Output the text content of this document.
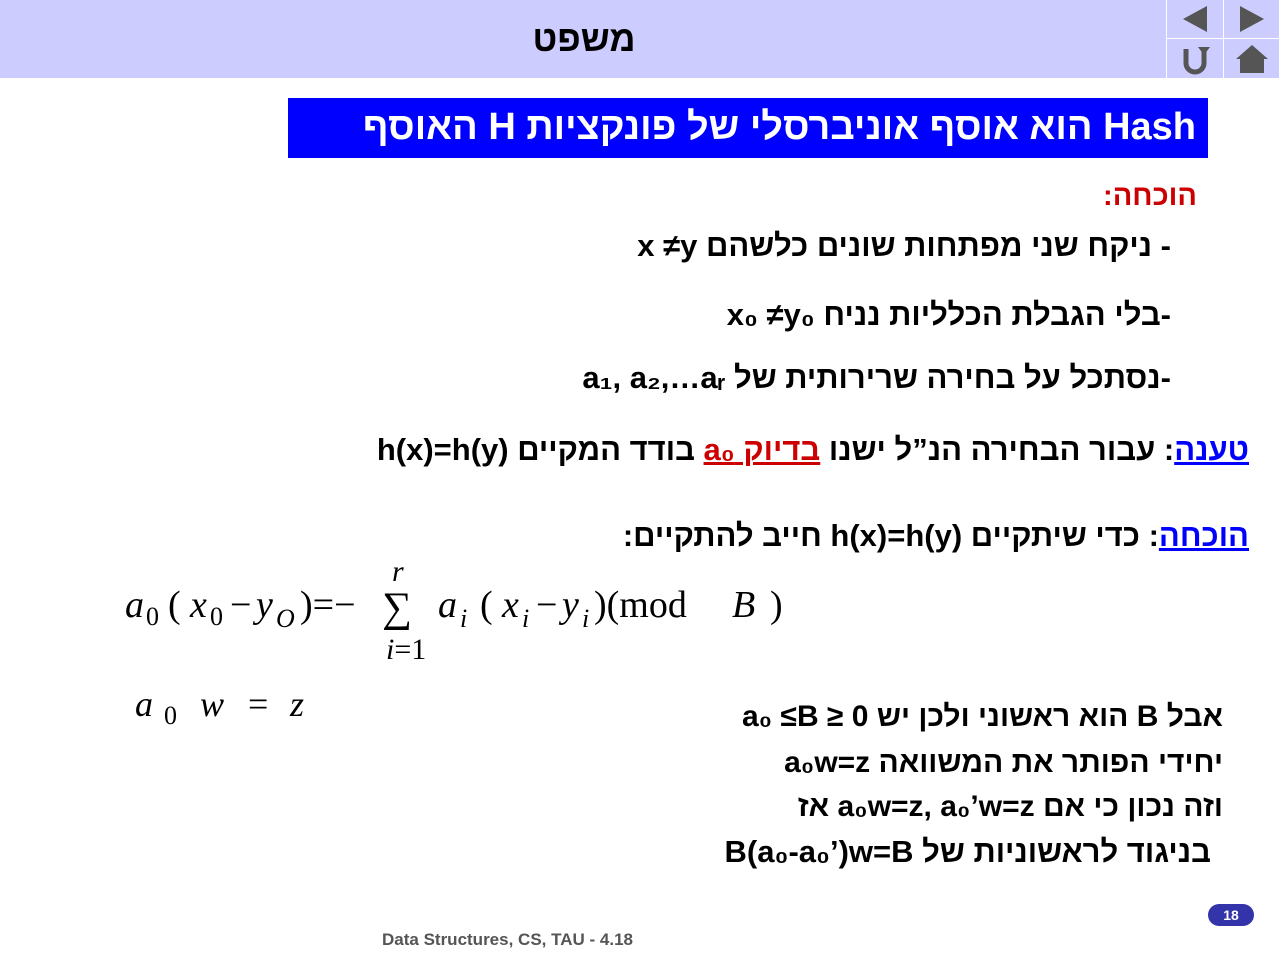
משפט
האוסף H הוא אוסף אוניברסלי של פונקציות Hash
הוכחה:
- ניקח שני מפתחות שונים כלשהם x ≠y
-בלי הגבלת הכלליות נניח x₀ ≠y₀
-נסתכל על בחירה שרירותית של a₁, a₂,…aᵣ
טענה: עבור הבחירה הנ”ל ישנו בדיוק a₀ בודד המקיים h(x)=h(y)
הוכחה: כדי שיתקיים h(x)=h(y) חייב להתקיים:
a 0 ( x 0 − y O )=−
r
∑
i=1
a i ( x i − y i )(mod B )
a 0 w = z	אבל B הוא ראשוני ולכן יש 0 ≤ a₀ ≤B
יחידי הפותר את המשוואה a₀w=z
וזה נכון כי אם a₀w=z, a₀’w=z אז
בניגוד לראשוניות של B(a₀-a₀’)w=B
18
Data Structures, CS, TAU - 4.18
